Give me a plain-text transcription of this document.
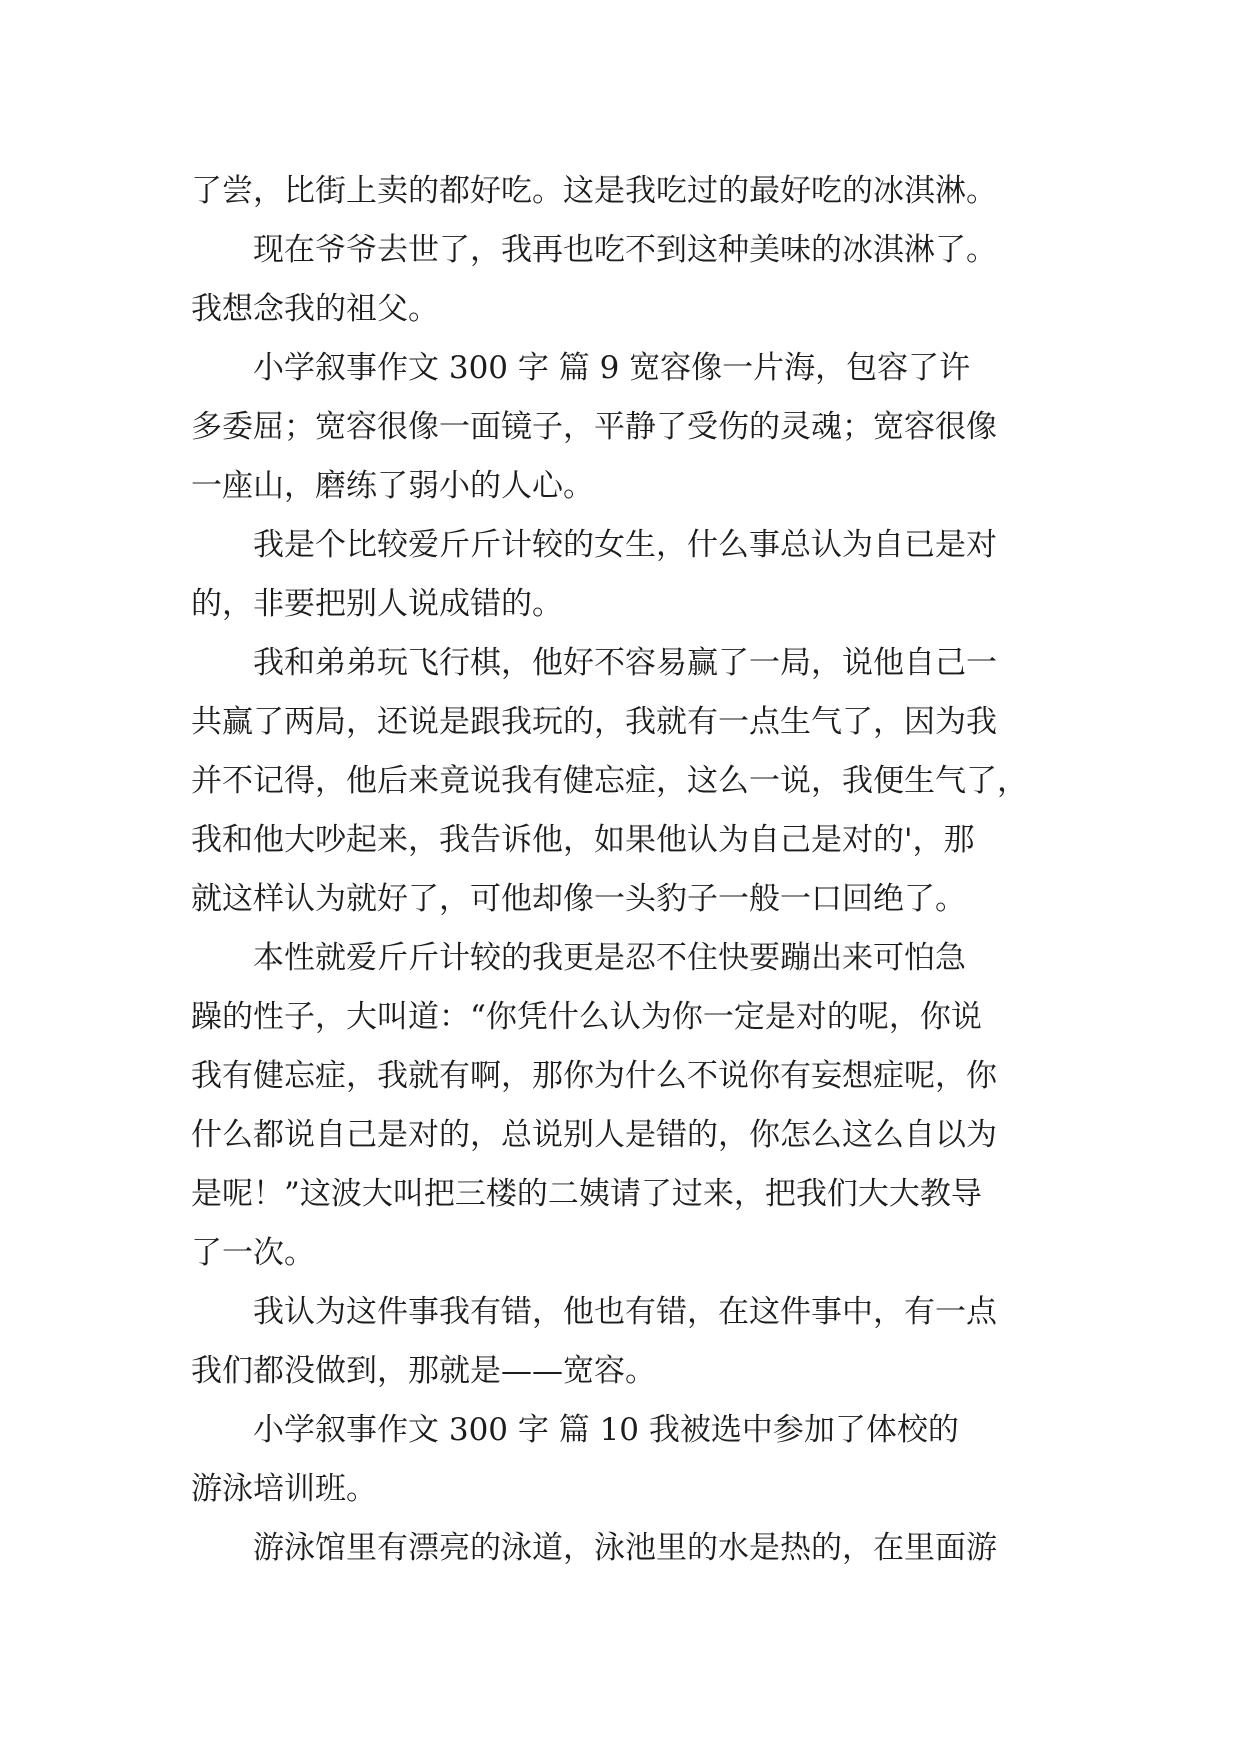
了尝，比街上卖的都好吃。这是我吃过的最好吃的冰淇淋。
现在爷爷去世了，我再也吃不到这种美味的冰淇淋了。
我想念我的祖父。
小学叙事作文 300 字 篇 9 宽容像一片海，包容了许
多委屈；宽容很像一面镜子，平静了受伤的灵魂；宽容很像
一座山，磨练了弱小的人心。
我是个比较爱斤斤计较的女生，什么事总认为自已是对
的，非要把别人说成错的。
我和弟弟玩飞行棋，他好不容易赢了一局，说他自己一
共赢了两局，还说是跟我玩的，我就有一点生气了，因为我
并不记得，他后来竟说我有健忘症，这么一说，我便生气了，
我和他大吵起来，我告诉他，如果他认为自己是对的'，那
就这样认为就好了，可他却像一头豹子一般一口回绝了。
本性就爱斤斤计较的我更是忍不住快要蹦出来可怕急
躁的性子，大叫道：“你凭什么认为你一定是对的呢，你说
我有健忘症，我就有啊，那你为什么不说你有妄想症呢，你
什么都说自己是对的，总说别人是错的，你怎么这么自以为
是呢！”这波大叫把三楼的二姨请了过来，把我们大大教导
了一次。
我认为这件事我有错，他也有错，在这件事中，有一点
我们都没做到，那就是——宽容。
小学叙事作文 300 字 篇 10 我被选中参加了体校的
游泳培训班。
游泳馆里有漂亮的泳道，泳池里的水是热的，在里面游
